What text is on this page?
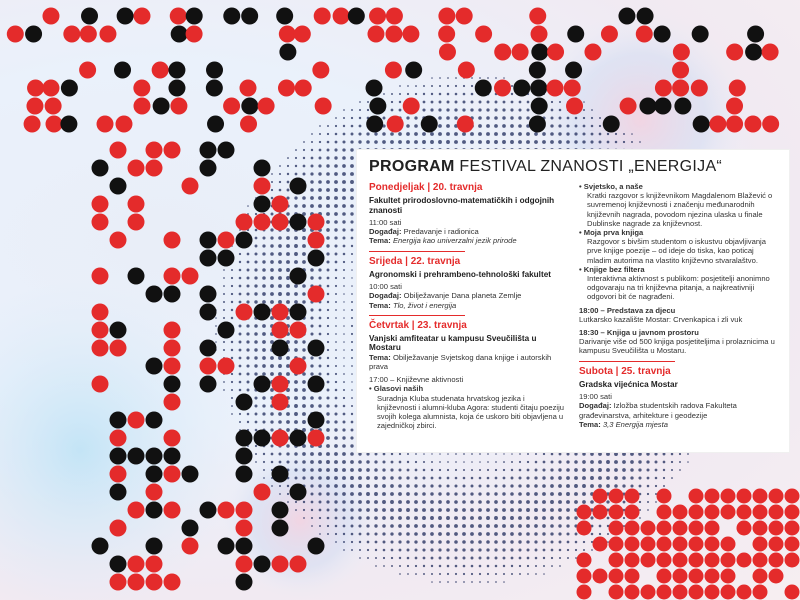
PROGRAM FESTIVAL ZNANOSTI „ENERGIJA“
Ponedjeljak | 20. travnja
Fakultet prirodoslovno-matematičkih i odgojnih znanosti
11:00 sati
Događaj: Predavanje i radionica
Tema: Energija kao univerzalni jezik prirode
Srijeda | 22. travnja
Agronomski i prehrambeno-tehnološki fakultet
10:00 sati
Događaj: Obilježavanje Dana planeta Zemlje
Tema: Tlo, život i energija
Četvrtak | 23. travnja
Vanjski amfiteatar u kampusu Sveučilišta u Mostaru
Tema: Obilježavanje Svjetskog dana knjige i autorskih prava
17:00 – Književne aktivnosti
• Glasovi naših
Suradnja Kluba studenata hrvatskog jezika i književnosti i alumni-kluba Agora: studenti čitaju poeziju svojih kolega alumnista, koja će uskoro biti objavljena u zajedničkoj zbirci.
• Svjetsko, a naše
Kratki razgovor s književnikom Magdalenom Blažević o suvremenoj književnosti i značenju međunarodnih književnih nagrada, povodom njezina ulaska u finale Dublinske nagrade za književnost.
• Moja prva knjiga
Razgovor s bivšim studentom o iskustvu objavljivanja prve knjige poezije – od ideje do tiska, kao poticaj mladim autorima na vlastito književno stvaralaštvo.
• Knjige bez filtera
Interaktivna aktivnost s publikom: posjetitelji anonimno odgovaraju na tri književna pitanja, a najkreativniji odgovori bit će nagrađeni.
18:00 – Predstava za djecu
Lutkarsko kazalište Mostar: Crvenkapica i zli vuk
18:30 – Knjiga u javnom prostoru
Darivanje više od 500 knjiga posjetiteljima i prolaznicima u kampusu Sveučilišta u Mostaru.
Subota | 25. travnja
Gradska vijećnica Mostar
19:00 sati
Događaj: Izložba studentskih radova Fakulteta građevinarstva, arhitekture i geodezije
Tema: 3,3 Energija mjesta
